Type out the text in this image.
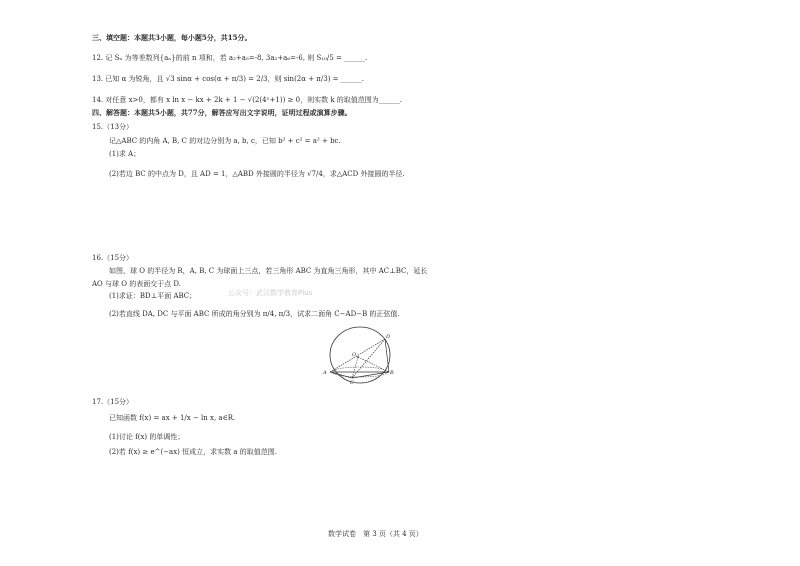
三、填空题：本题共3小题，每小题5分，共15分。
12. 记 Sₙ 为等差数列{aₙ}的前 n 项和，若 a₂+a₅=-8, 3a₂+a₆=-6, 则 S₁₀/5 = ______.
13. 已知 α 为锐角，且 √3 sinα + cos(α + π/3) = 2/3，则 sin(2α + π/3) = ______.
14. 对任意 x>0，都有 x ln x − kx + 2k + 1 − √(2(4ˣ+1)) ≥ 0，则实数 k 的取值范围为______.
四、解答题：本题共5小题，共77分，解答应写出文字说明，证明过程或演算步骤。
15.（13分）
记△ABC 的内角 A, B, C 的对边分别为 a, b, c，已知 b² + c² = a² + bc.
(1)求 A；
(2)若边 BC 的中点为 D，且 AD = 1，△ABD 外接圆的半径为 √7/4，求△ACD 外接圆的半径.
16.（15分）
如图，球 O 的半径为 R，A, B, C 为球面上三点，若三角形 ABC 为直角三角形，其中 AC⊥BC，延长
AO 与球 O 的表面交于点 D.
(1)求证：BD⊥平面 ABC；	公众号：武汉数学教育Plus
(2)若直线 DA, DC 与平面 ABC 所成的角分别为 π/4, π/3，试求二面角 C−AD−B 的正弦值.
O
D
A	B
C
17.（15分）
已知函数 f(x) = ax + 1/x − ln x, a∈R.
(1)讨论 f(x) 的单调性；
(2)若 f(x) ≥ e^(−ax) 恒成立，求实数 a 的取值范围.
数学试卷　第 3 页（共 4 页）
